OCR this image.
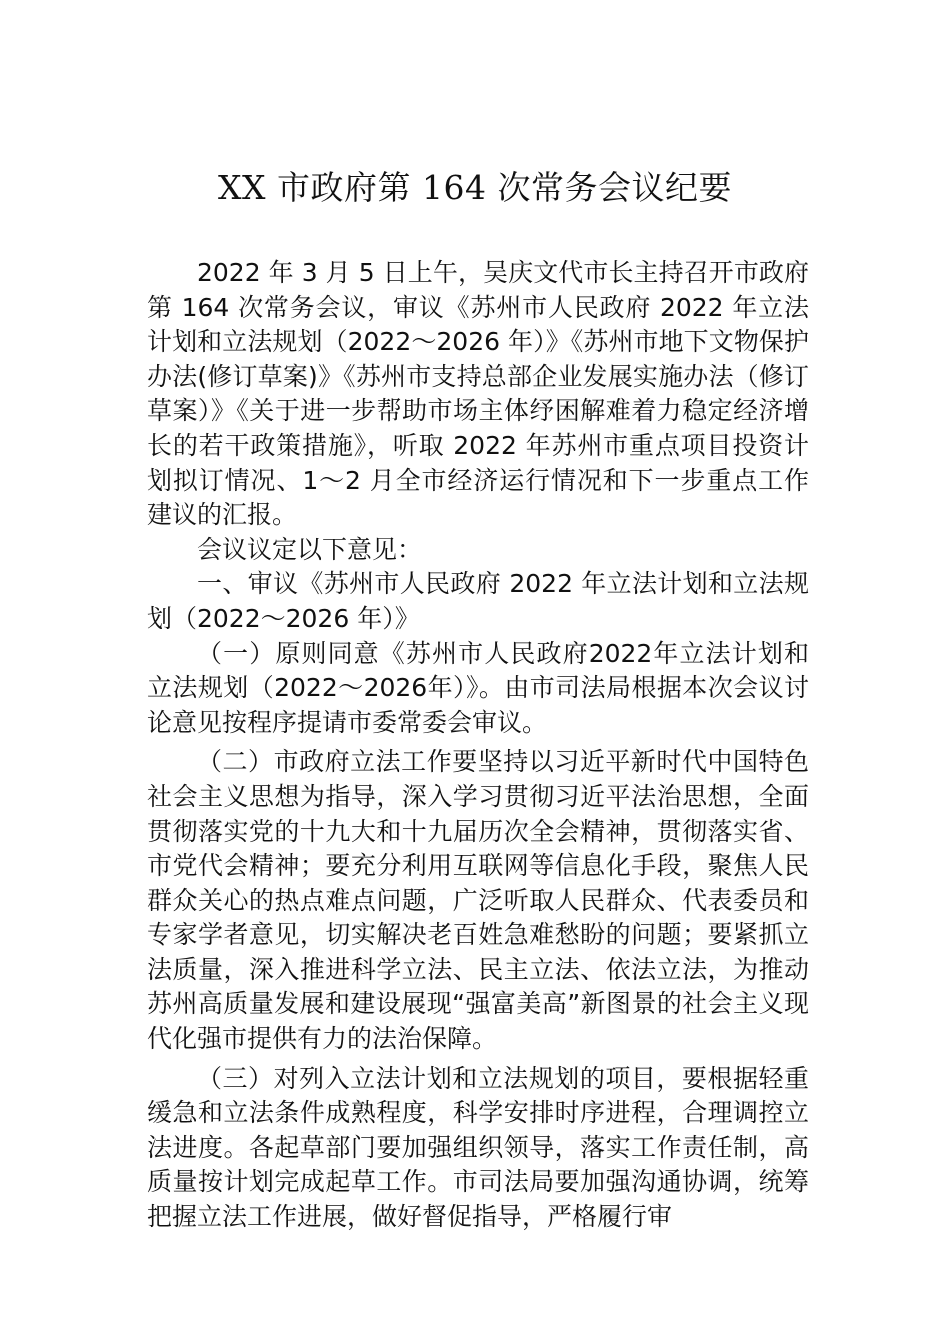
XX 市政府第 164 次常务会议纪要

2022 年 3 月 5 日上午，吴庆文代市长主持召开市政府第 164 次常务会议，审议《苏州市人民政府 2022 年立法计划和立法规划（2022～2026 年）》《苏州市地下文物保护办法(修订草案)》《苏州市支持总部企业发展实施办法（修订草案）》《关于进一步帮助市场主体纾困解难着力稳定经济增长的若干政策措施》，听取 2022 年苏州市重点项目投资计划拟订情况、1～2 月全市经济运行情况和下一步重点工作建议的汇报。

会议议定以下意见：

一、审议《苏州市人民政府 2022 年立法计划和立法规划（2022～2026 年）》

（一）原则同意《苏州市人民政府2022年立法计划和立法规划（2022～2026年）》。由市司法局根据本次会议讨论意见按程序提请市委常委会审议。

（二）市政府立法工作要坚持以习近平新时代中国特色社会主义思想为指导，深入学习贯彻习近平法治思想，全面贯彻落实党的十九大和十九届历次全会精神，贯彻落实省、市党代会精神；要充分利用互联网等信息化手段，聚焦人民群众关心的热点难点问题，广泛听取人民群众、代表委员和专家学者意见，切实解决老百姓急难愁盼的问题；要紧抓立法质量，深入推进科学立法、民主立法、依法立法，为推动苏州高质量发展和建设展现“强富美高”新图景的社会主义现代化强市提供有力的法治保障。

（三）对列入立法计划和立法规划的项目，要根据轻重缓急和立法条件成熟程度，科学安排时序进程，合理调控立法进度。各起草部门要加强组织领导，落实工作责任制，高质量按计划完成起草工作。市司法局要加强沟通协调，统筹把握立法工作进展，做好督促指导，严格履行审
